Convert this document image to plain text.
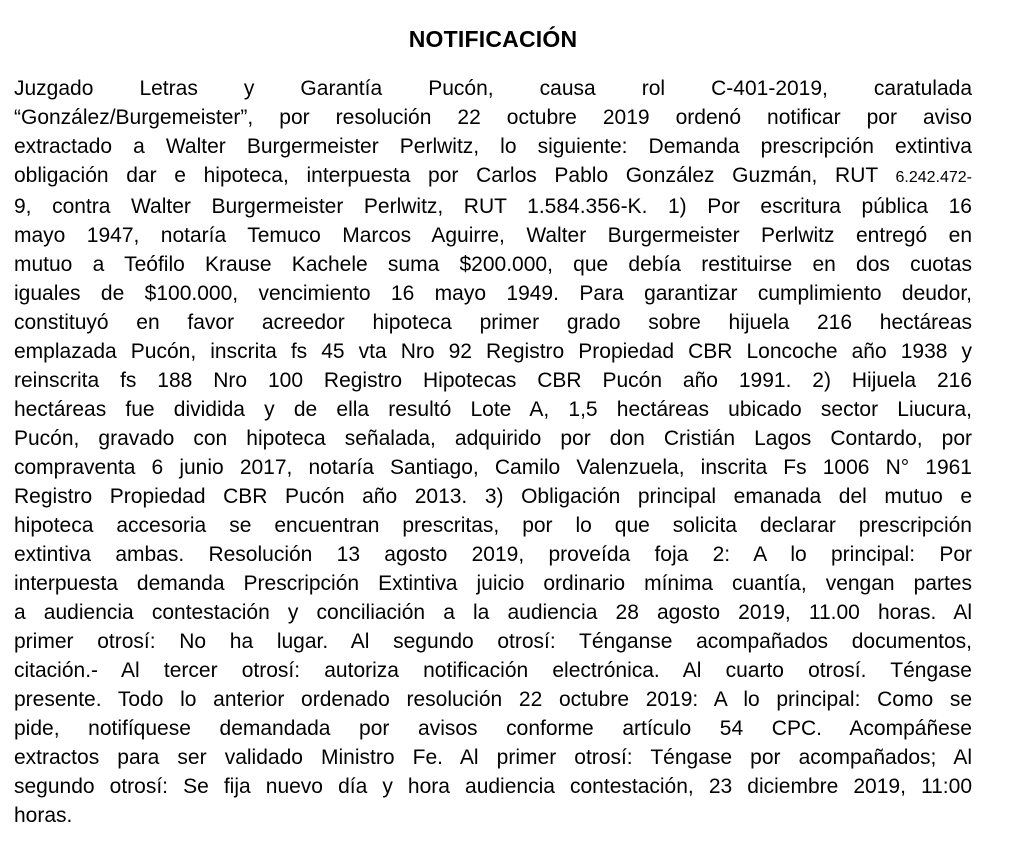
NOTIFICACIÓN
Juzgado Letras y Garantía Pucón, causa rol C-401-2019, caratulada
“González/Burgemeister”, por resolución 22 octubre 2019 ordenó notificar por aviso
extractado a Walter Burgermeister Perlwitz, lo siguiente: Demanda prescripción extintiva
obligación dar e hipoteca, interpuesta por Carlos Pablo González Guzmán, RUT 6.242.472-
9, contra Walter Burgermeister Perlwitz, RUT 1.584.356-K. 1) Por escritura pública 16
mayo 1947, notaría Temuco Marcos Aguirre, Walter Burgermeister Perlwitz entregó en
mutuo a Teófilo Krause Kachele suma $200.000, que debía restituirse en dos cuotas
iguales de $100.000, vencimiento 16 mayo 1949. Para garantizar cumplimiento deudor,
constituyó en favor acreedor hipoteca primer grado sobre hijuela 216 hectáreas
emplazada Pucón, inscrita fs 45 vta Nro 92 Registro Propiedad CBR Loncoche año 1938 y
reinscrita fs 188 Nro 100 Registro Hipotecas CBR Pucón año 1991. 2) Hijuela 216
hectáreas fue dividida y de ella resultó Lote A, 1,5 hectáreas ubicado sector Liucura,
Pucón, gravado con hipoteca señalada, adquirido por don Cristián Lagos Contardo, por
compraventa 6 junio 2017, notaría Santiago, Camilo Valenzuela, inscrita Fs 1006 N° 1961
Registro Propiedad CBR Pucón año 2013. 3) Obligación principal emanada del mutuo e
hipoteca accesoria se encuentran prescritas, por lo que solicita declarar prescripción
extintiva ambas. Resolución 13 agosto 2019, proveída foja 2: A lo principal: Por
interpuesta demanda Prescripción Extintiva juicio ordinario mínima cuantía, vengan partes
a audiencia contestación y conciliación a la audiencia 28 agosto 2019, 11.00 horas. Al
primer otrosí: No ha lugar. Al segundo otrosí: Ténganse acompañados documentos,
citación.- Al tercer otrosí: autoriza notificación electrónica. Al cuarto otrosí. Téngase
presente. Todo lo anterior ordenado resolución 22 octubre 2019: A lo principal: Como se
pide, notifíquese demandada por avisos conforme artículo 54 CPC. Acompáñese
extractos para ser validado Ministro Fe. Al primer otrosí: Téngase por acompañados; Al
segundo otrosí: Se fija nuevo día y hora audiencia contestación, 23 diciembre 2019, 11:00
horas.
